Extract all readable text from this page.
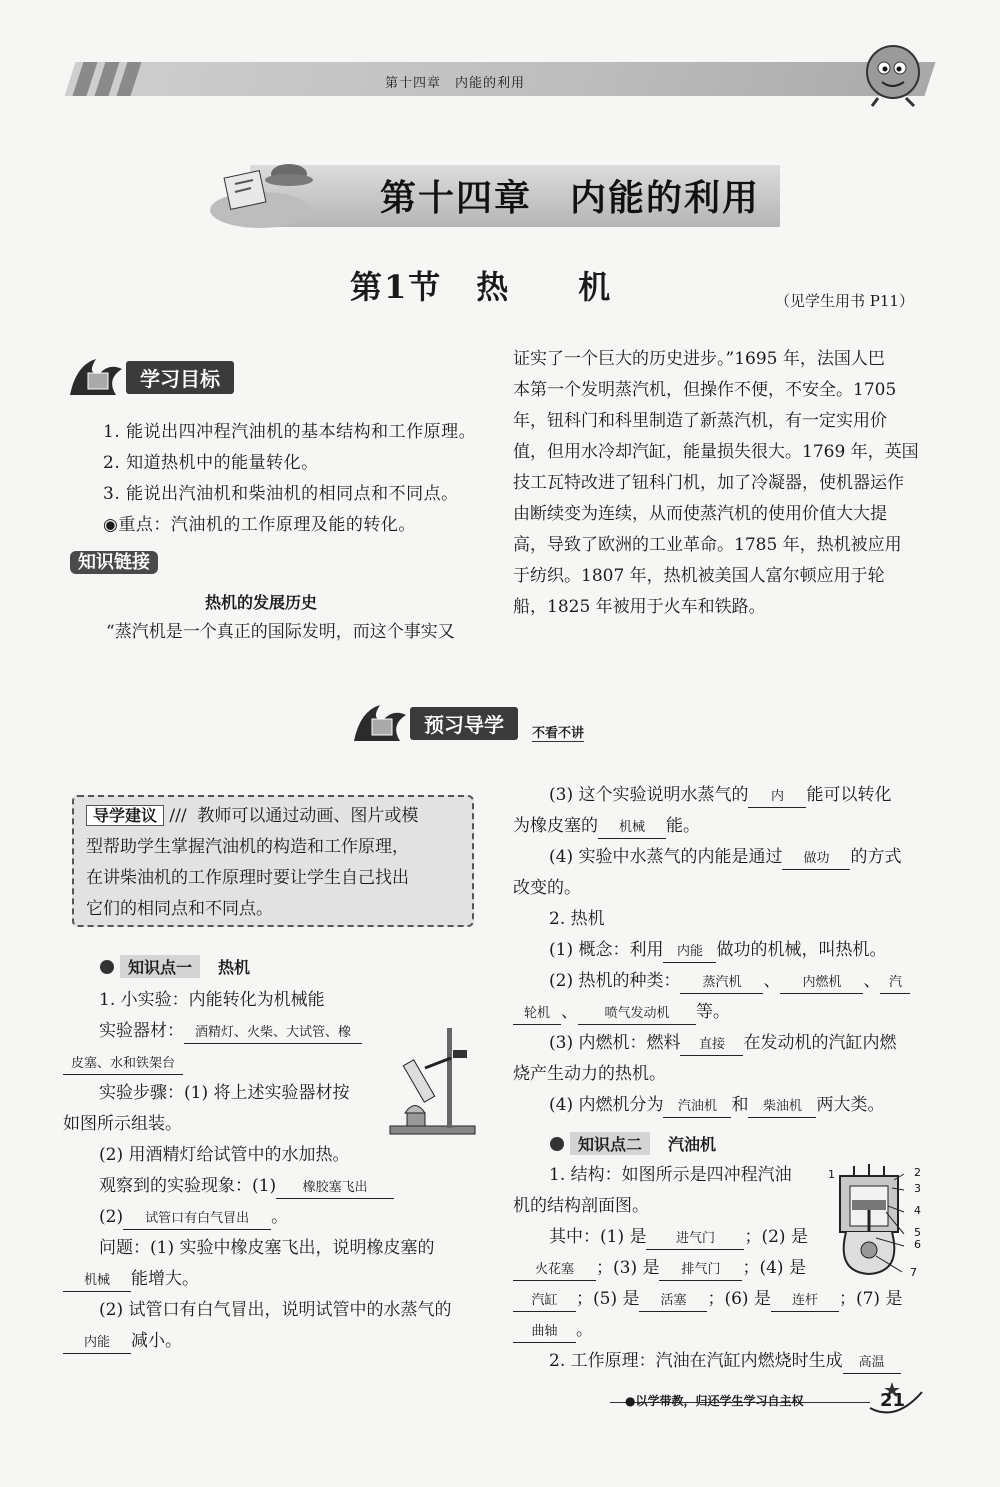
第十四章　内能的利用
第十四章　内能的利用
第1节　热　　机	（见学生用书 P11）
学习目标
1. 能说出四冲程汽油机的基本结构和工作原理。
2. 知道热机中的能量转化。
3. 能说出汽油机和柴油机的相同点和不同点。
◉重点：汽油机的工作原理及能的转化。
知识链接
热机的发展历史
“蒸汽机是一个真正的国际发明，而这个事实又
证实了一个巨大的历史进步。”1695 年，法国人巴
本第一个发明蒸汽机，但操作不便，不安全。1705
年，钮科门和科里制造了新蒸汽机，有一定实用价
值，但用水冷却汽缸，能量损失很大。1769 年，英国
技工瓦特改进了钮科门机，加了冷凝器，使机器运作
由断续变为连续，从而使蒸汽机的使用价值大大提
高，导致了欧洲的工业革命。1785 年，热机被应用
于纺织。1807 年，热机被美国人富尔顿应用于轮
船，1825 年被用于火车和铁路。
预习导学	不看不讲
导学建议 ///  教师可以通过动画、图片或模
型帮助学生掌握汽油机的构造和工作原理，
在讲柴油机的工作原理时要让学生自己找出
它们的相同点和不同点。
知识点一	热机
1. 小实验：内能转化为机械能
实验器材： 酒精灯、火柴、大试管、橡
皮塞、水和铁架台
实验步骤：(1) 将上述实验器材按
如图所示组装。
(2) 用酒精灯给试管中的水加热。
观察到的实验现象：(1) 橡胶塞飞出
(2) 试管口有白气冒出 。
问题：(1) 实验中橡皮塞飞出，说明橡皮塞的
机械 能增大。
(2) 试管口有白气冒出，说明试管中的水蒸气的
内能 减小。
(3) 这个实验说明水蒸气的 内 能可以转化
为橡皮塞的 机械 能。
(4) 实验中水蒸气的内能是通过 做功 的方式
改变的。
2. 热机
(1) 概念：利用 内能 做功的机械，叫热机。
(2) 热机的种类： 蒸汽机 、 内燃机 、 汽
轮机 、 喷气发动机 等。
(3) 内燃机：燃料 直接 在发动机的汽缸内燃
烧产生动力的热机。
(4) 内燃机分为 汽油机 和 柴油机 两大类。
知识点二	汽油机
1. 结构：如图所示是四冲程汽油
机的结构剖面图。
其中：(1) 是 进气门 ；(2) 是
火花塞 ；(3) 是 排气门 ；(4) 是
汽缸 ；(5) 是 活塞 ；(6) 是 连杆 ；(7) 是
曲轴 。
2. 工作原理：汽油在汽缸内燃烧时生成 高温
1	2
3
4
5
6
7
●以学带教，归还学生学习自主权	21
